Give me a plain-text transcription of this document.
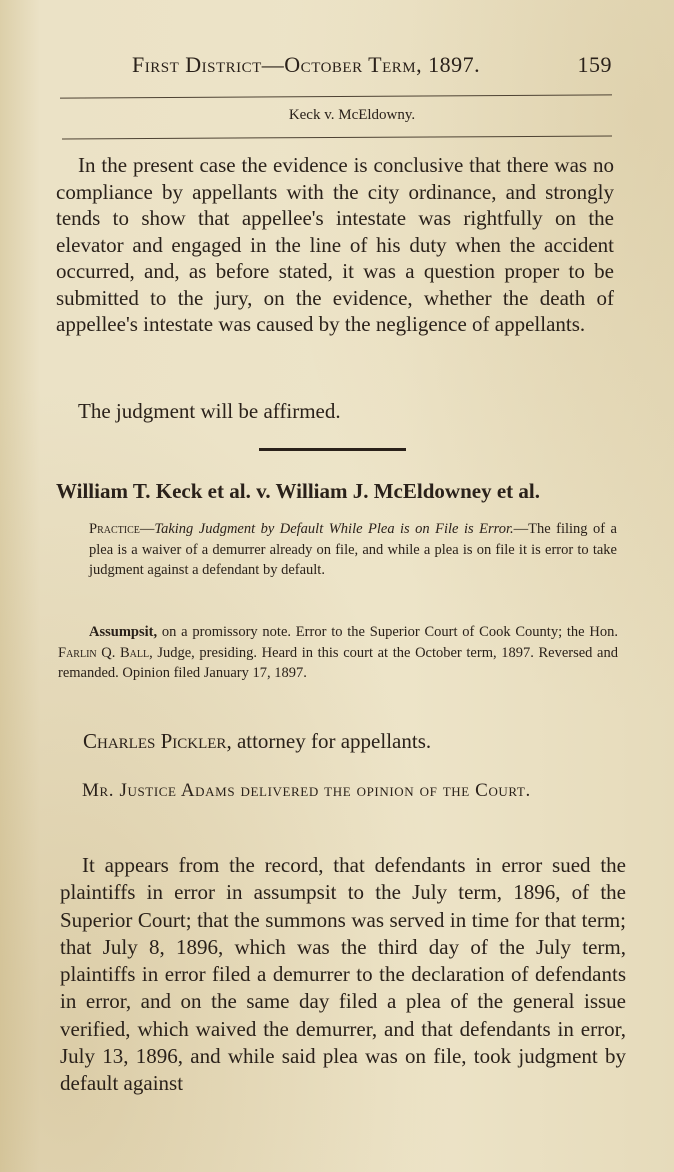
First District—October Term, 1897.	159
Keck v. McEldowny.

In the present case the evidence is conclusive that there was no compliance by appellants with the city ordinance, and strongly tends to show that appellee's intestate was rightfully on the elevator and engaged in the line of his duty when the accident occurred, and, as before stated, it was a question proper to be submitted to the jury, on the evidence, whether the death of appellee's intestate was caused by the negligence of appellants.

The judgment will be affirmed.

William T. Keck et al. v. William J. McEldowney et al.

Practice—Taking Judgment by Default While Plea is on File is Error.—The filing of a plea is a waiver of a demurrer already on file, and while a plea is on file it is error to take judgment against a defendant by default.

Assumpsit, on a promissory note. Error to the Superior Court of Cook County; the Hon. Farlin Q. Ball, Judge, presiding. Heard in this court at the October term, 1897. Reversed and remanded. Opinion filed January 17, 1897.

Charles Pickler, attorney for appellants.

Mr. Justice Adams delivered the opinion of the Court.

It appears from the record, that defendants in error sued the plaintiffs in error in assumpsit to the July term, 1896, of the Superior Court; that the summons was served in time for that term; that July 8, 1896, which was the third day of the July term, plaintiffs in error filed a demurrer to the declaration of defendants in error, and on the same day filed a plea of the general issue verified, which waived the demurrer, and that defendants in error, July 13, 1896, and while said plea was on file, took judgment by default against
